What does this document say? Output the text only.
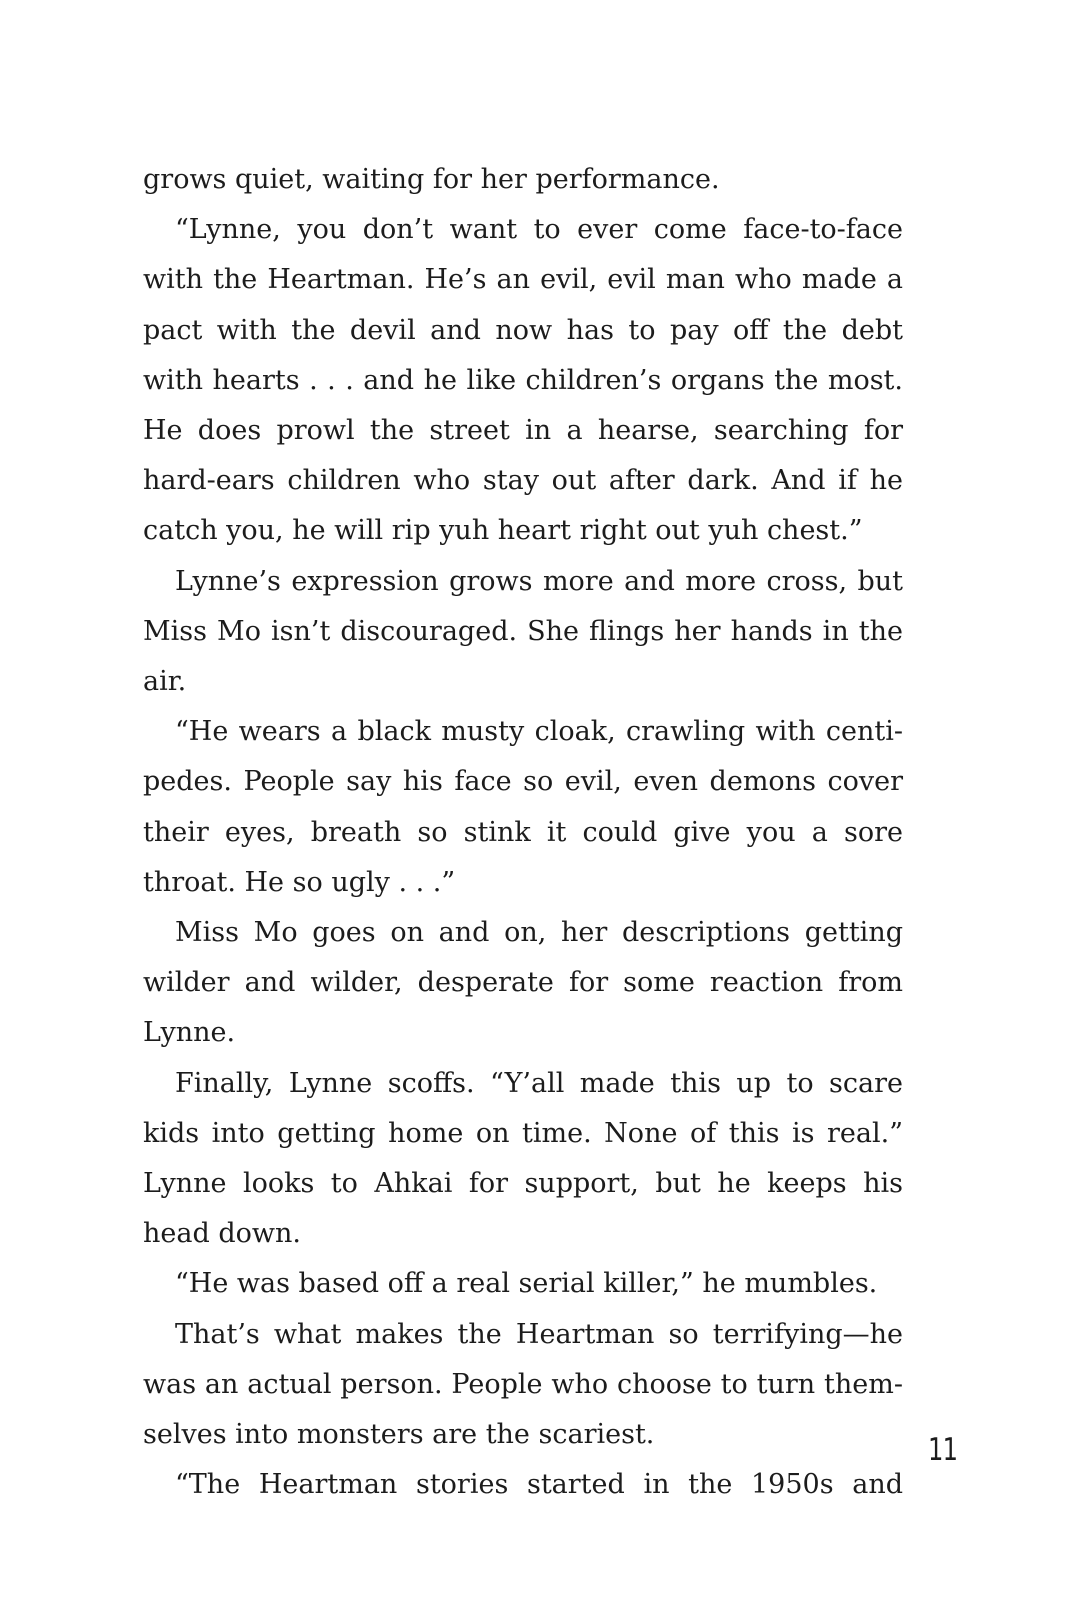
grows quiet, waiting for her performance.

“Lynne, you don’t want to ever come face-to-face with the Heartman. He’s an evil, evil man who made a pact with the devil and now has to pay off the debt with hearts . . . and he like children’s organs the most. He does prowl the street in a hearse, searching for hard-ears children who stay out after dark. And if he catch you, he will rip yuh heart right out yuh chest.”

Lynne’s expression grows more and more cross, but Miss Mo isn’t discouraged. She flings her hands in the air.

“He wears a black musty cloak, crawling with centi-pedes. People say his face so evil, even demons cover their eyes, breath so stink it could give you a sore throat. He so ugly . . .”

Miss Mo goes on and on, her descriptions getting wilder and wilder, desperate for some reaction from Lynne.

Finally, Lynne scoffs. “Y’all made this up to scare kids into getting home on time. None of this is real.” Lynne looks to Ahkai for support, but he keeps his head down.

“He was based off a real serial killer,” he mumbles.

That’s what makes the Heartman so terrifying—he was an actual person. People who choose to turn them-selves into monsters are the scariest.

“The Heartman stories started in the 1950s and

11
